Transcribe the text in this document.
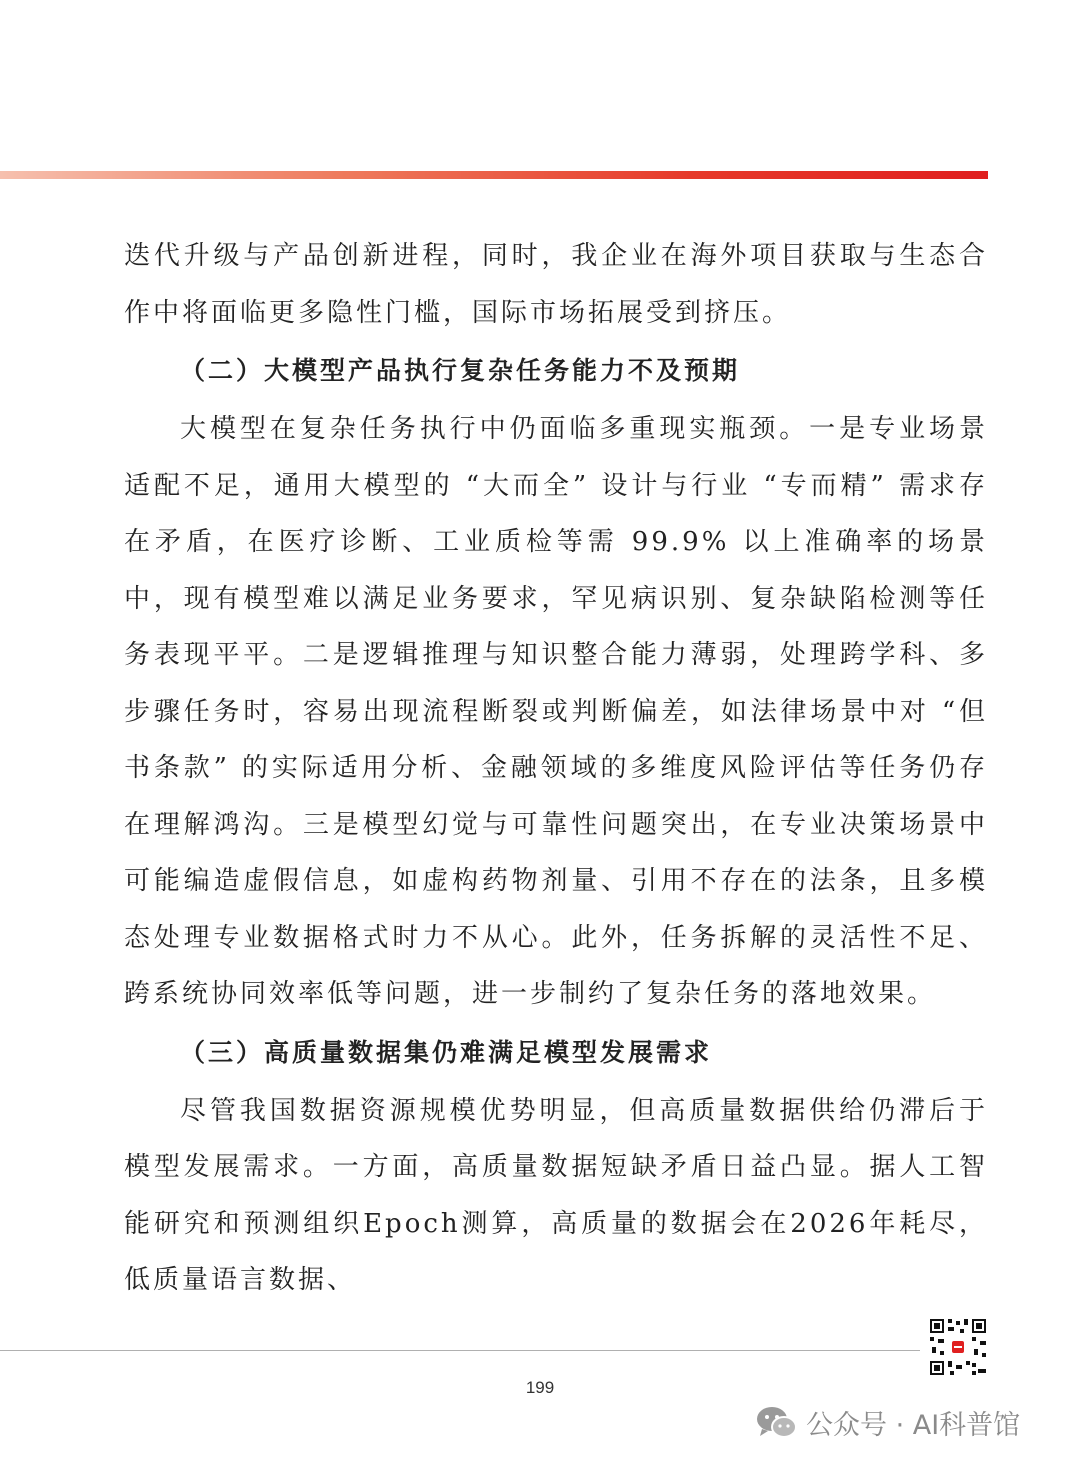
迭代升级与产品创新进程，同时，我企业在海外项目获取与生态合作中将面临更多隐性门槛，国际市场拓展受到挤压。

（二）大模型产品执行复杂任务能力不及预期

大模型在复杂任务执行中仍面临多重现实瓶颈。一是专业场景适配不足，通用大模型的 “大而全” 设计与行业 “专而精” 需求存在矛盾，在医疗诊断、工业质检等需 99.9% 以上准确率的场景中，现有模型难以满足业务要求，罕见病识别、复杂缺陷检测等任务表现平平。二是逻辑推理与知识整合能力薄弱，处理跨学科、多步骤任务时，容易出现流程断裂或判断偏差，如法律场景中对 “但书条款” 的实际适用分析、金融领域的多维度风险评估等任务仍存在理解鸿沟。三是模型幻觉与可靠性问题突出，在专业决策场景中可能编造虚假信息，如虚构药物剂量、引用不存在的法条，且多模态处理专业数据格式时力不从心。此外，任务拆解的灵活性不足、跨系统协同效率低等问题，进一步制约了复杂任务的落地效果。

（三）高质量数据集仍难满足模型发展需求

尽管我国数据资源规模优势明显，但高质量数据供给仍滞后于模型发展需求。一方面，高质量数据短缺矛盾日益凸显。据人工智能研究和预测组织Epoch测算，高质量的数据会在2026年耗尽，低质量语言数据、

199
公众号 · AI科普馆
